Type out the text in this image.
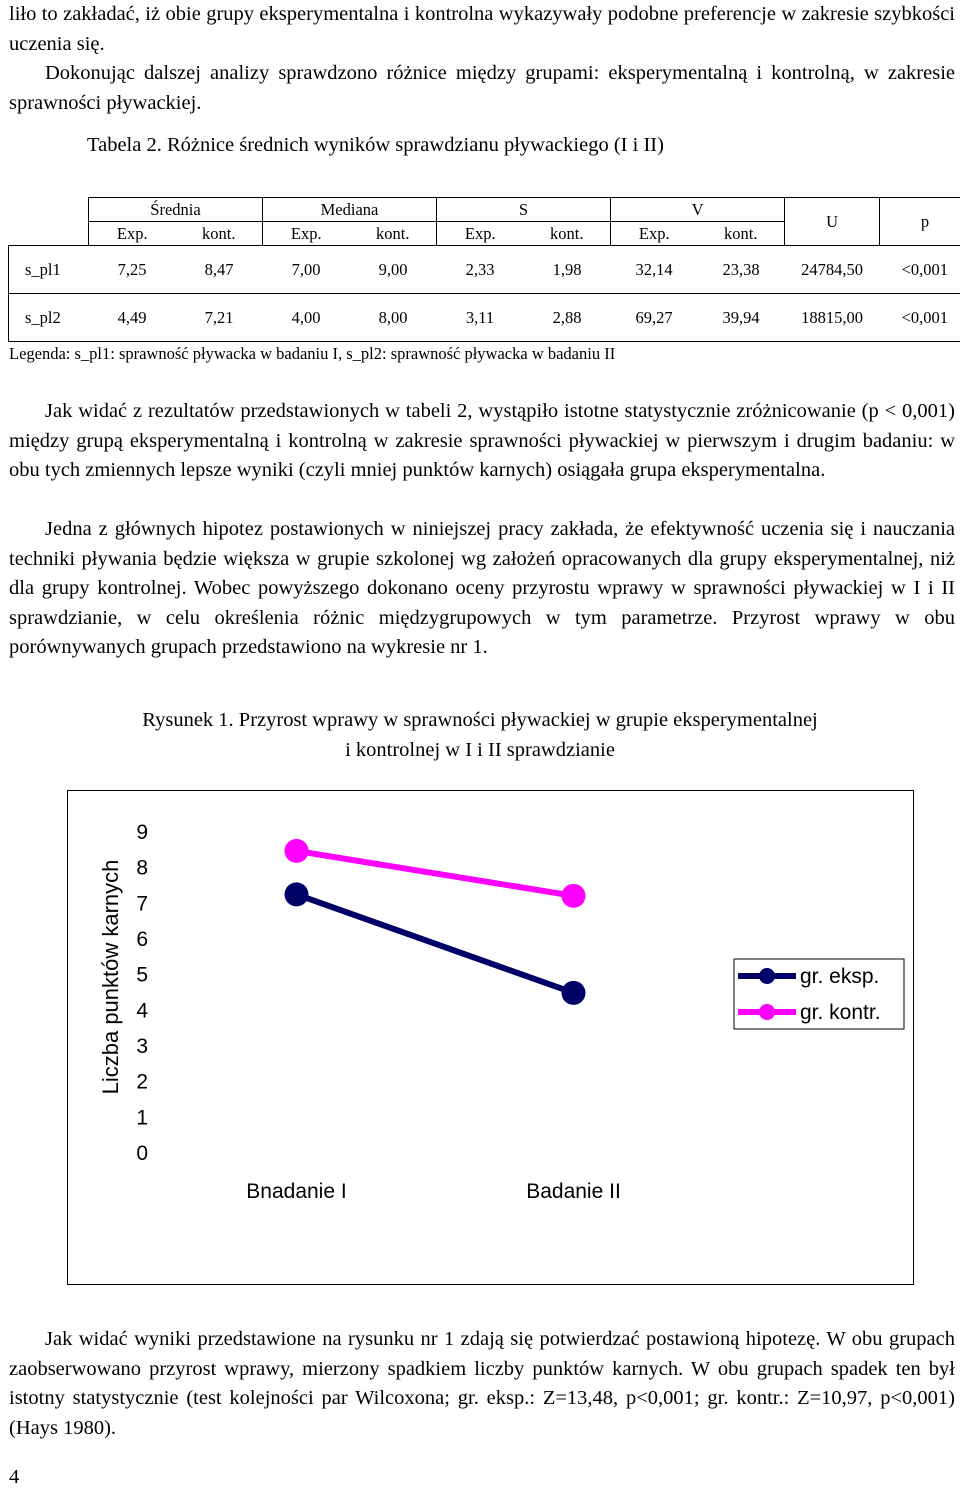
liło to zakładać, iż obie grupy eksperymentalna i kontrolna wykazywały podobne preferencje w zakresie szybkości uczenia się.

Dokonując dalszej analizy sprawdzono różnice między grupami: eksperymentalną i kontrolną, w zakresie sprawności pływackiej.

Tabela 2. Różnice średnich wyników sprawdzianu pływackiego (I i II)
	Średnia		Mediana		S		V		U	p
	Exp.	kont.	Exp.	kont.	Exp.	kont.	Exp.	kont.		
s_pl1	7,25	8,47	7,00	9,00	2,33	1,98	32,14	23,38	24784,50	<0,001
s_pl2	4,49	7,21	4,00	8,00	3,11	2,88	69,27	39,94	18815,00	<0,001
Legenda: s_pl1: sprawność pływacka w badaniu I, s_pl2: sprawność pływacka w badaniu II

Jak widać z rezultatów przedstawionych w tabeli 2, wystąpiło istotne statystycznie zróżnicowanie (p < 0,001) między grupą eksperymentalną i kontrolną w zakresie sprawności pływackiej w pierwszym i drugim badaniu: w obu tych zmiennych lepsze wyniki (czyli mniej punktów karnych) osiągała grupa eksperymentalna.

Jedna z głównych hipotez postawionych w niniejszej pracy zakłada, że efektywność uczenia się i nauczania techniki pływania będzie większa w grupie szkolonej wg założeń opracowanych dla grupy eksperymentalnej, niż dla grupy kontrolnej. Wobec powyższego dokonano oceny przyrostu wprawy w sprawności pływackiej w I i II sprawdzianie, w celu określenia różnic międzygrupowych w tym parametrze. Przyrost wprawy w obu porównywanych grupach przedstawiono na wykresie nr 1.

Rysunek 1. Przyrost wprawy w sprawności pływackiej w grupie eksperymentalnej
i kontrolnej w I i II sprawdzianie
0
1
2
3
4
5
6
7
8
9
Bnadanie I	Badanie II
Liczba punktów karnych	gr. eksp.
gr. kontr.

Jak widać wyniki przedstawione na rysunku nr 1 zdają się potwierdzać postawioną hipotezę. W obu grupach zaobserwowano przyrost wprawy, mierzony spadkiem liczby punktów karnych. W obu grupach spadek ten był istotny statystycznie (test kolejności par Wilcoxona; gr. eksp.: Z=13,48, p<0,001; gr. kontr.: Z=10,97, p<0,001) (Hays 1980).

4
